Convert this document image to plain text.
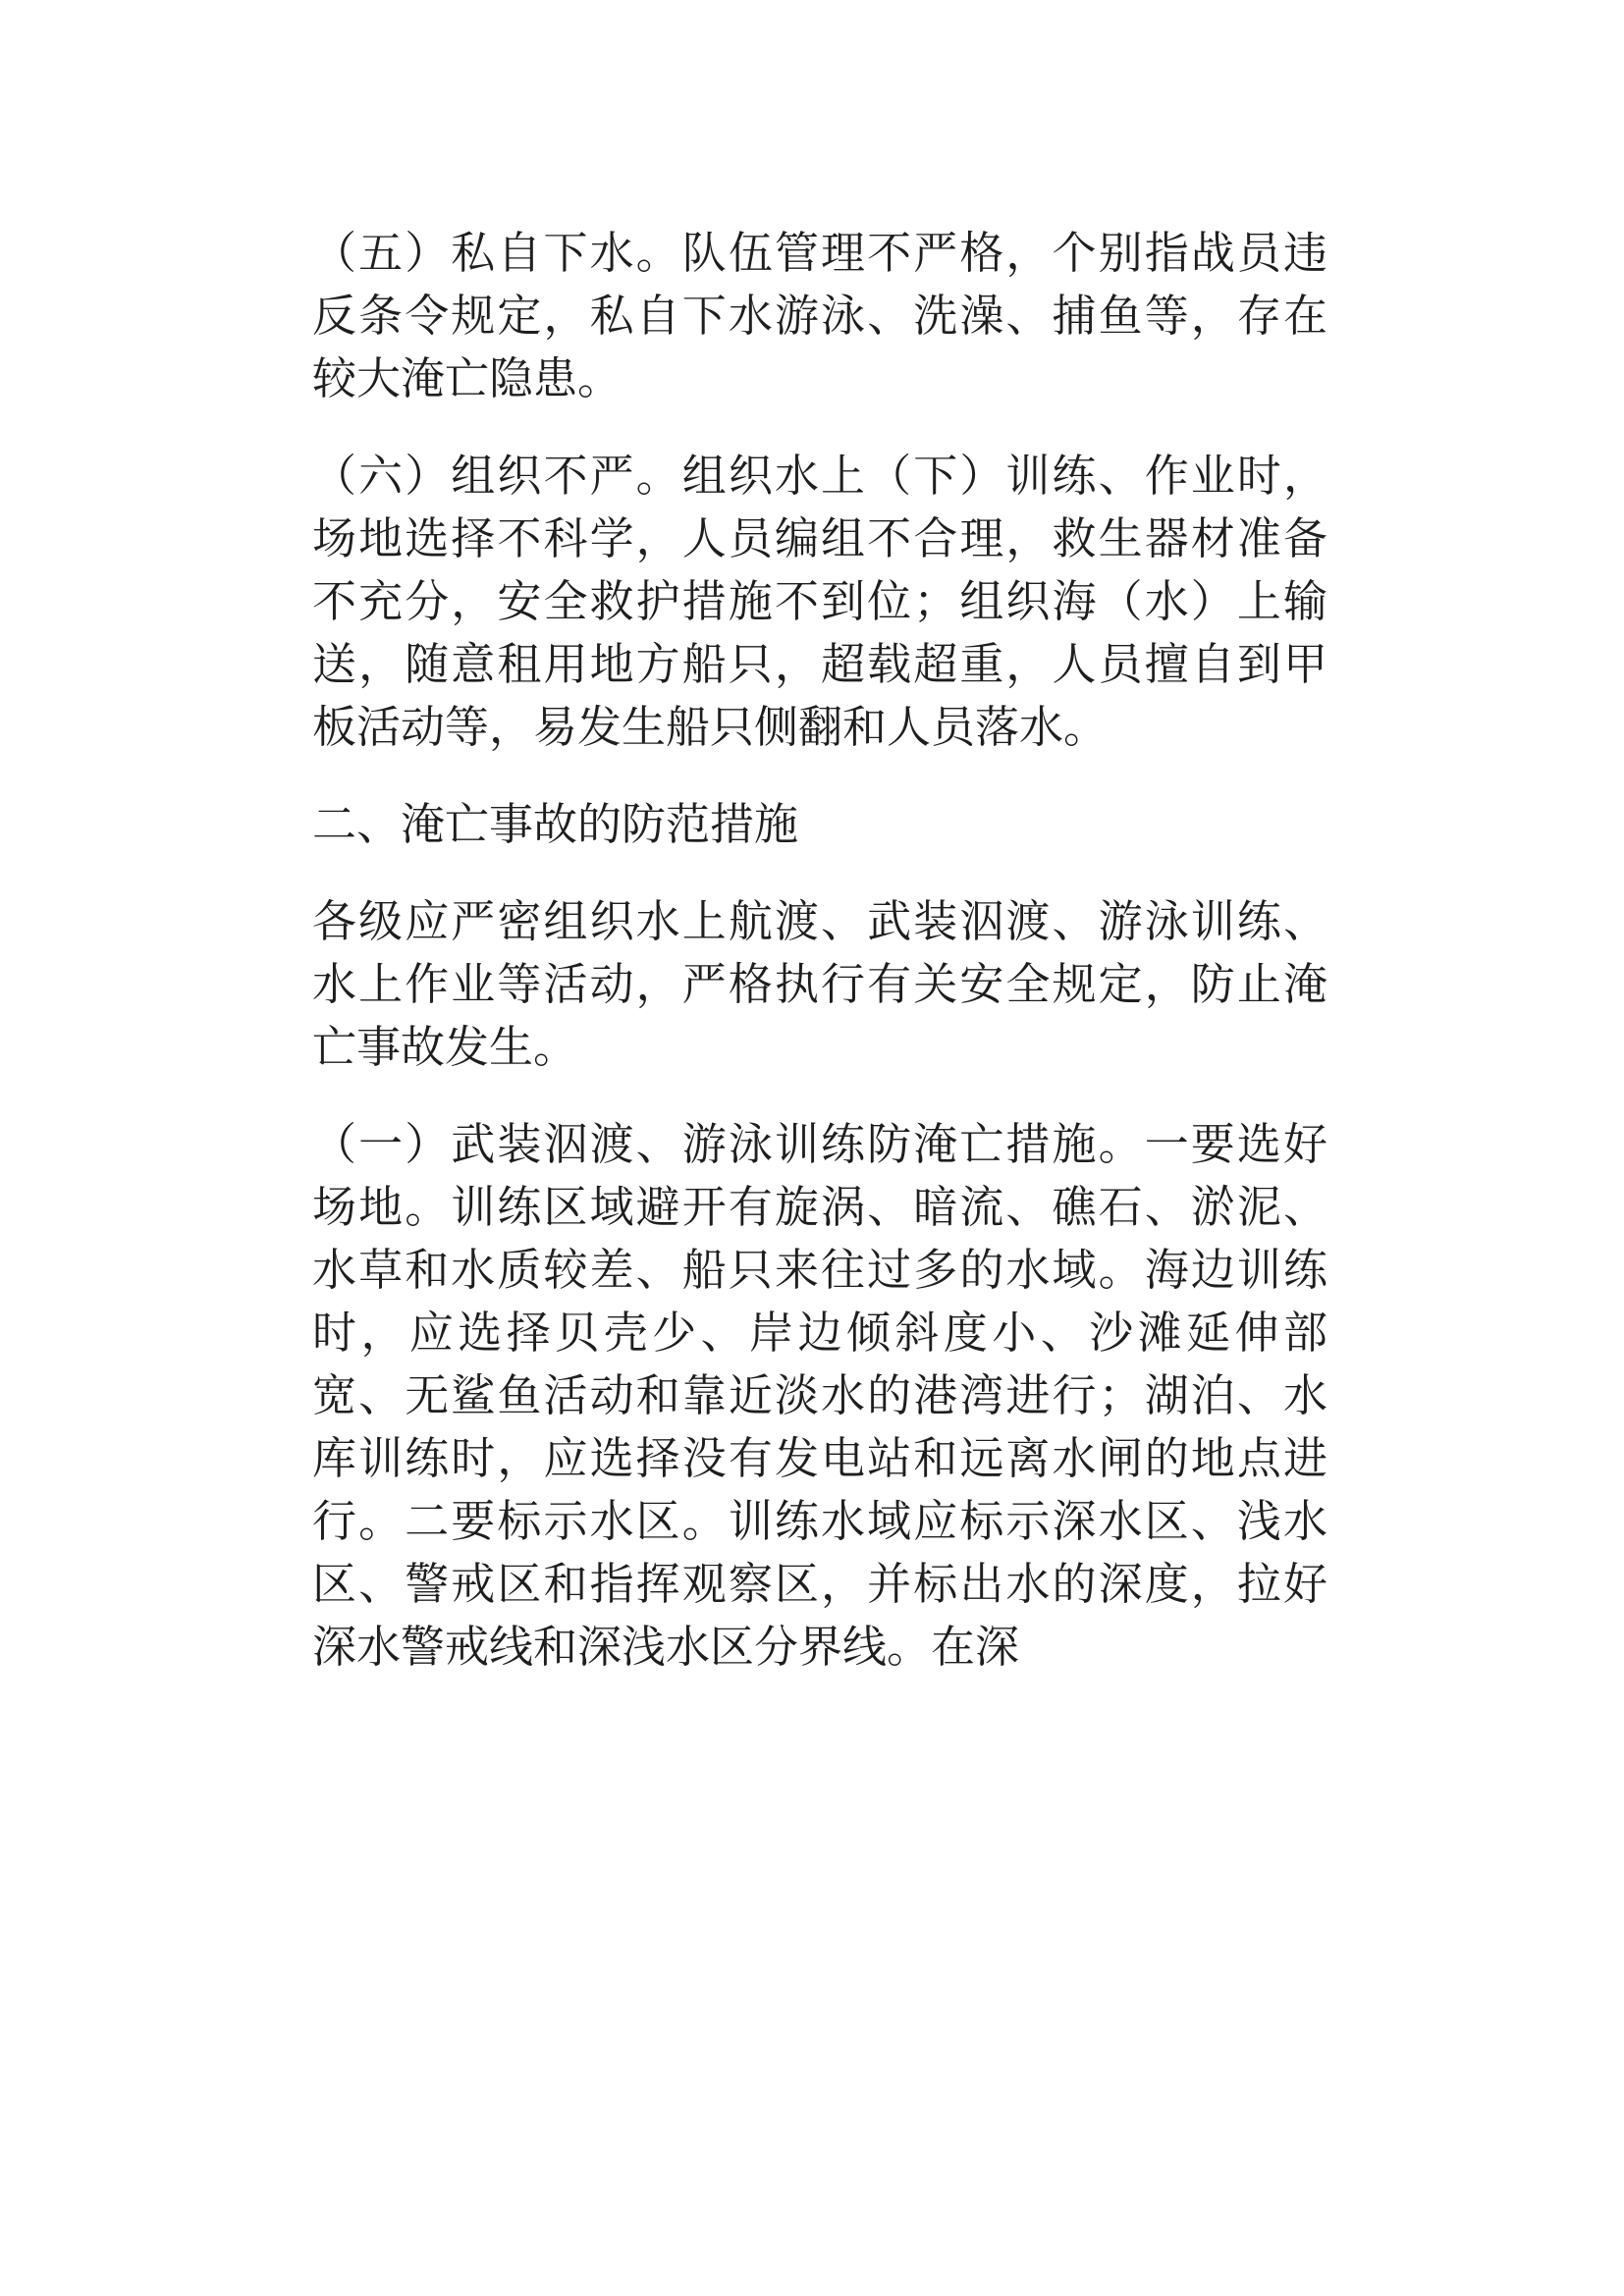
（五）私自下水。队伍管理不严格，个别指战员违反条令规定，私自下水游泳、洗澡、捕鱼等，存在较大淹亡隐患。

（六）组织不严。组织水上（下）训练、作业时，场地选择不科学，人员编组不合理，救生器材准备不充分，安全救护措施不到位；组织海（水）上输送，随意租用地方船只，超载超重，人员擅自到甲板活动等，易发生船只侧翻和人员落水。

二、淹亡事故的防范措施

各级应严密组织水上航渡、武装泅渡、游泳训练、水上作业等活动，严格执行有关安全规定，防止淹亡事故发生。

（一）武装泅渡、游泳训练防淹亡措施。一要选好场地。训练区域避开有旋涡、暗流、礁石、淤泥、水草和水质较差、船只来往过多的水域。海边训练时，应选择贝壳少、岸边倾斜度小、沙滩延伸部宽、无鲨鱼活动和靠近淡水的港湾进行；湖泊、水库训练时，应选择没有发电站和远离水闸的地点进行。二要标示水区。训练水域应标示深水区、浅水区、警戒区和指挥观察区，并标出水的深度，拉好深水警戒线和深浅水区分界线。在深
